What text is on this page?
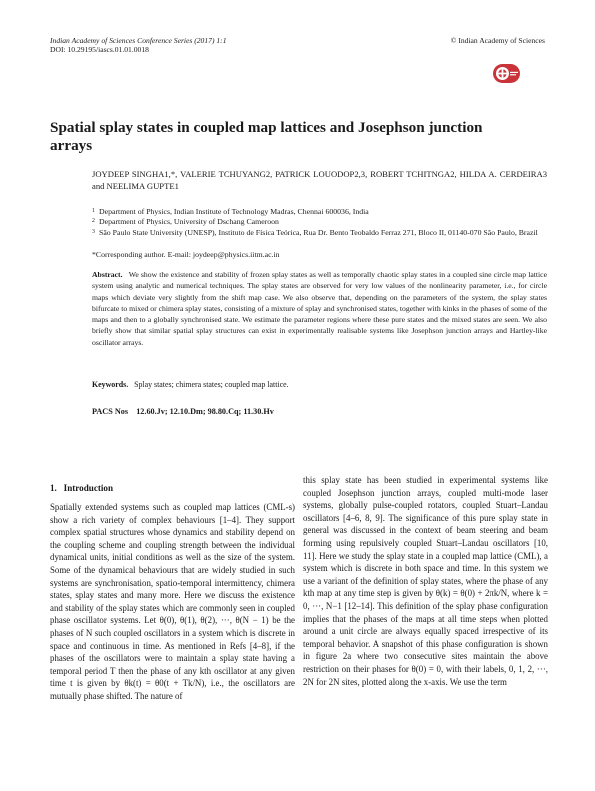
Indian Academy of Sciences Conference Series (2017) 1:1
DOI: 10.29195/iascs.01.01.0018
© Indian Academy of Sciences
Spatial splay states in coupled map lattices and Josephson junction arrays
JOYDEEP SINGHA1,*, VALERIE TCHUYANG2, PATRICK LOUODOP2,3, ROBERT TCHITNGA2, HILDA A. CERDEIRA3 and NEELIMA GUPTE1
1 Department of Physics, Indian Institute of Technology Madras, Chennai 600036, India
2 Department of Physics, University of Dschang Cameroon
3 São Paulo State University (UNESP), Instituto de Física Teórica, Rua Dr. Bento Teobaldo Ferraz 271, Bloco II, 01140-070 São Paulo, Brazil
*Corresponding author. E-mail: joydeep@physics.iitm.ac.in
Abstract. We show the existence and stability of frozen splay states as well as temporally chaotic splay states in a coupled sine circle map lattice system using analytic and numerical techniques. The splay states are observed for very low values of the nonlinearity parameter, i.e., for circle maps which deviate very slightly from the shift map case. We also observe that, depending on the parameters of the system, the splay states bifurcate to mixed or chimera splay states, consisting of a mixture of splay and synchronised states, together with kinks in the phases of some of the maps and then to a globally synchronised state. We estimate the parameter regions where these pure states and the mixed states are seen. We also briefly show that similar spatial splay structures can exist in experimentally realisable systems like Josephson junction arrays and Hartley-like oscillator arrays.
Keywords. Splay states; chimera states; coupled map lattice.
PACS Nos 12.60.Jv; 12.10.Dm; 98.80.Cq; 11.30.Hv
1. Introduction

Spatially extended systems such as coupled map lattices (CML-s) show a rich variety of complex behaviours [1–4]. They support complex spatial structures whose dynamics and stability depend on the coupling scheme and coupling strength between the individual dynamical units, initial conditions as well as the size of the system. Some of the dynamical behaviours that are widely studied in such systems are synchronisation, spatio-temporal intermittency, chimera states, splay states and many more. Here we discuss the existence and stability of the splay states which are commonly seen in coupled phase oscillator systems. Let θ(0), θ(1), θ(2), ···, θ(N − 1) be the phases of N such coupled oscillators in a system which is discrete in space and continuous in time. As mentioned in Refs [4–8], if the phases of the oscillators were to maintain a splay state having a temporal period T then the phase of any kth oscillator at any given time t is given by θk(t) = θ0(t + Tk/N), i.e., the oscillators are mutually phase shifted. The nature of

this splay state has been studied in experimental systems like coupled Josephson junction arrays, coupled multi-mode laser systems, globally pulse-coupled rotators, coupled Stuart–Landau oscillators [4–6, 8, 9]. The significance of this pure splay state in general was discussed in the context of beam steering and beam forming using repulsively coupled Stuart–Landau oscillators [10, 11]. Here we study the splay state in a coupled map lattice (CML), a system which is discrete in both space and time. In this system we use a variant of the definition of splay states, where the phase of any kth map at any time step is given by θ(k) = θ(0) + 2πk/N, where k = 0, ···, N−1 [12–14]. This definition of the splay phase configuration implies that the phases of the maps at all time steps when plotted around a unit circle are always equally spaced irrespective of its temporal behavior. A snapshot of this phase configuration is shown in figure 2a where two consecutive sites maintain the above restriction on their phases for θ(0) = 0, with their labels, 0, 1, 2, ···, 2N for 2N sites, plotted along the x-axis. We use the term
